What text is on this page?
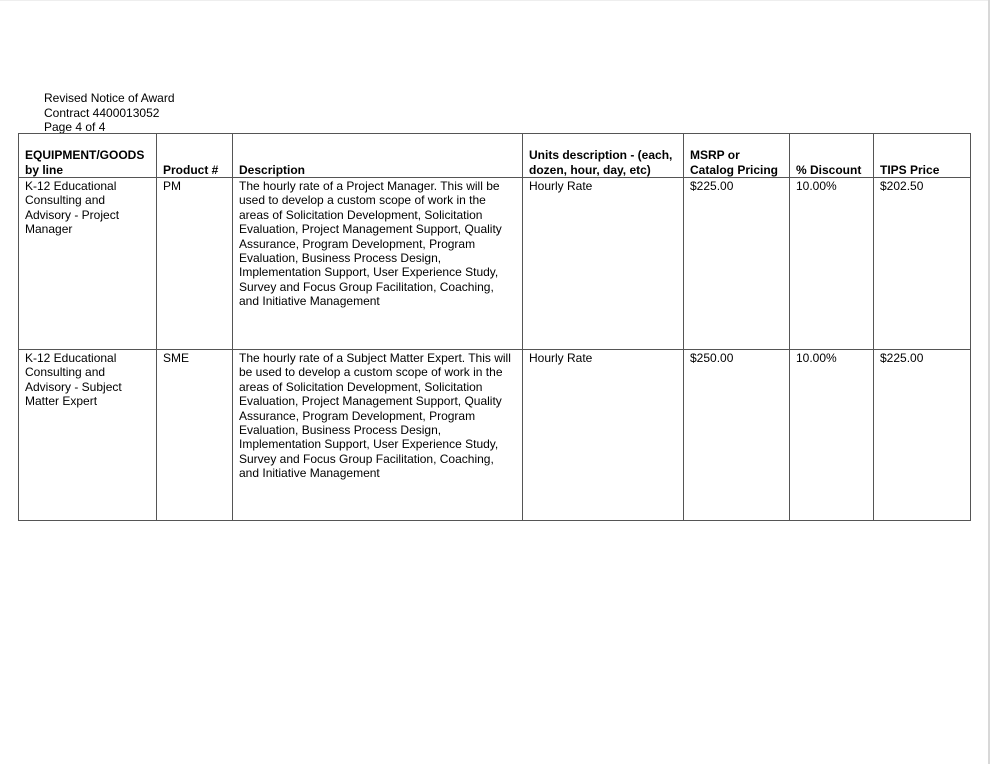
Revised Notice of Award
Contract 4400013052
Page 4 of 4
EQUIPMENT/GOODS by line	Product #	Description	Units description - (each, dozen, hour, day, etc)	MSRP or Catalog Pricing	% Discount	TIPS Price
K-12 Educational Consulting and Advisory - Project Manager	PM	The hourly rate of a Project Manager. This will be used to develop a custom scope of work in the areas of Solicitation Development, Solicitation Evaluation, Project Management Support, Quality Assurance, Program Development, Program Evaluation, Business Process Design, Implementation Support, User Experience Study, Survey and Focus Group Facilitation, Coaching, and Initiative Management	Hourly Rate	$225.00	10.00%	$202.50
K-12 Educational Consulting and Advisory - Subject Matter Expert	SME	The hourly rate of a Subject Matter Expert. This will be used to develop a custom scope of work in the areas of Solicitation Development, Solicitation Evaluation, Project Management Support, Quality Assurance, Program Development, Program Evaluation, Business Process Design, Implementation Support, User Experience Study, Survey and Focus Group Facilitation, Coaching, and Initiative Management	Hourly Rate	$250.00	10.00%	$225.00
